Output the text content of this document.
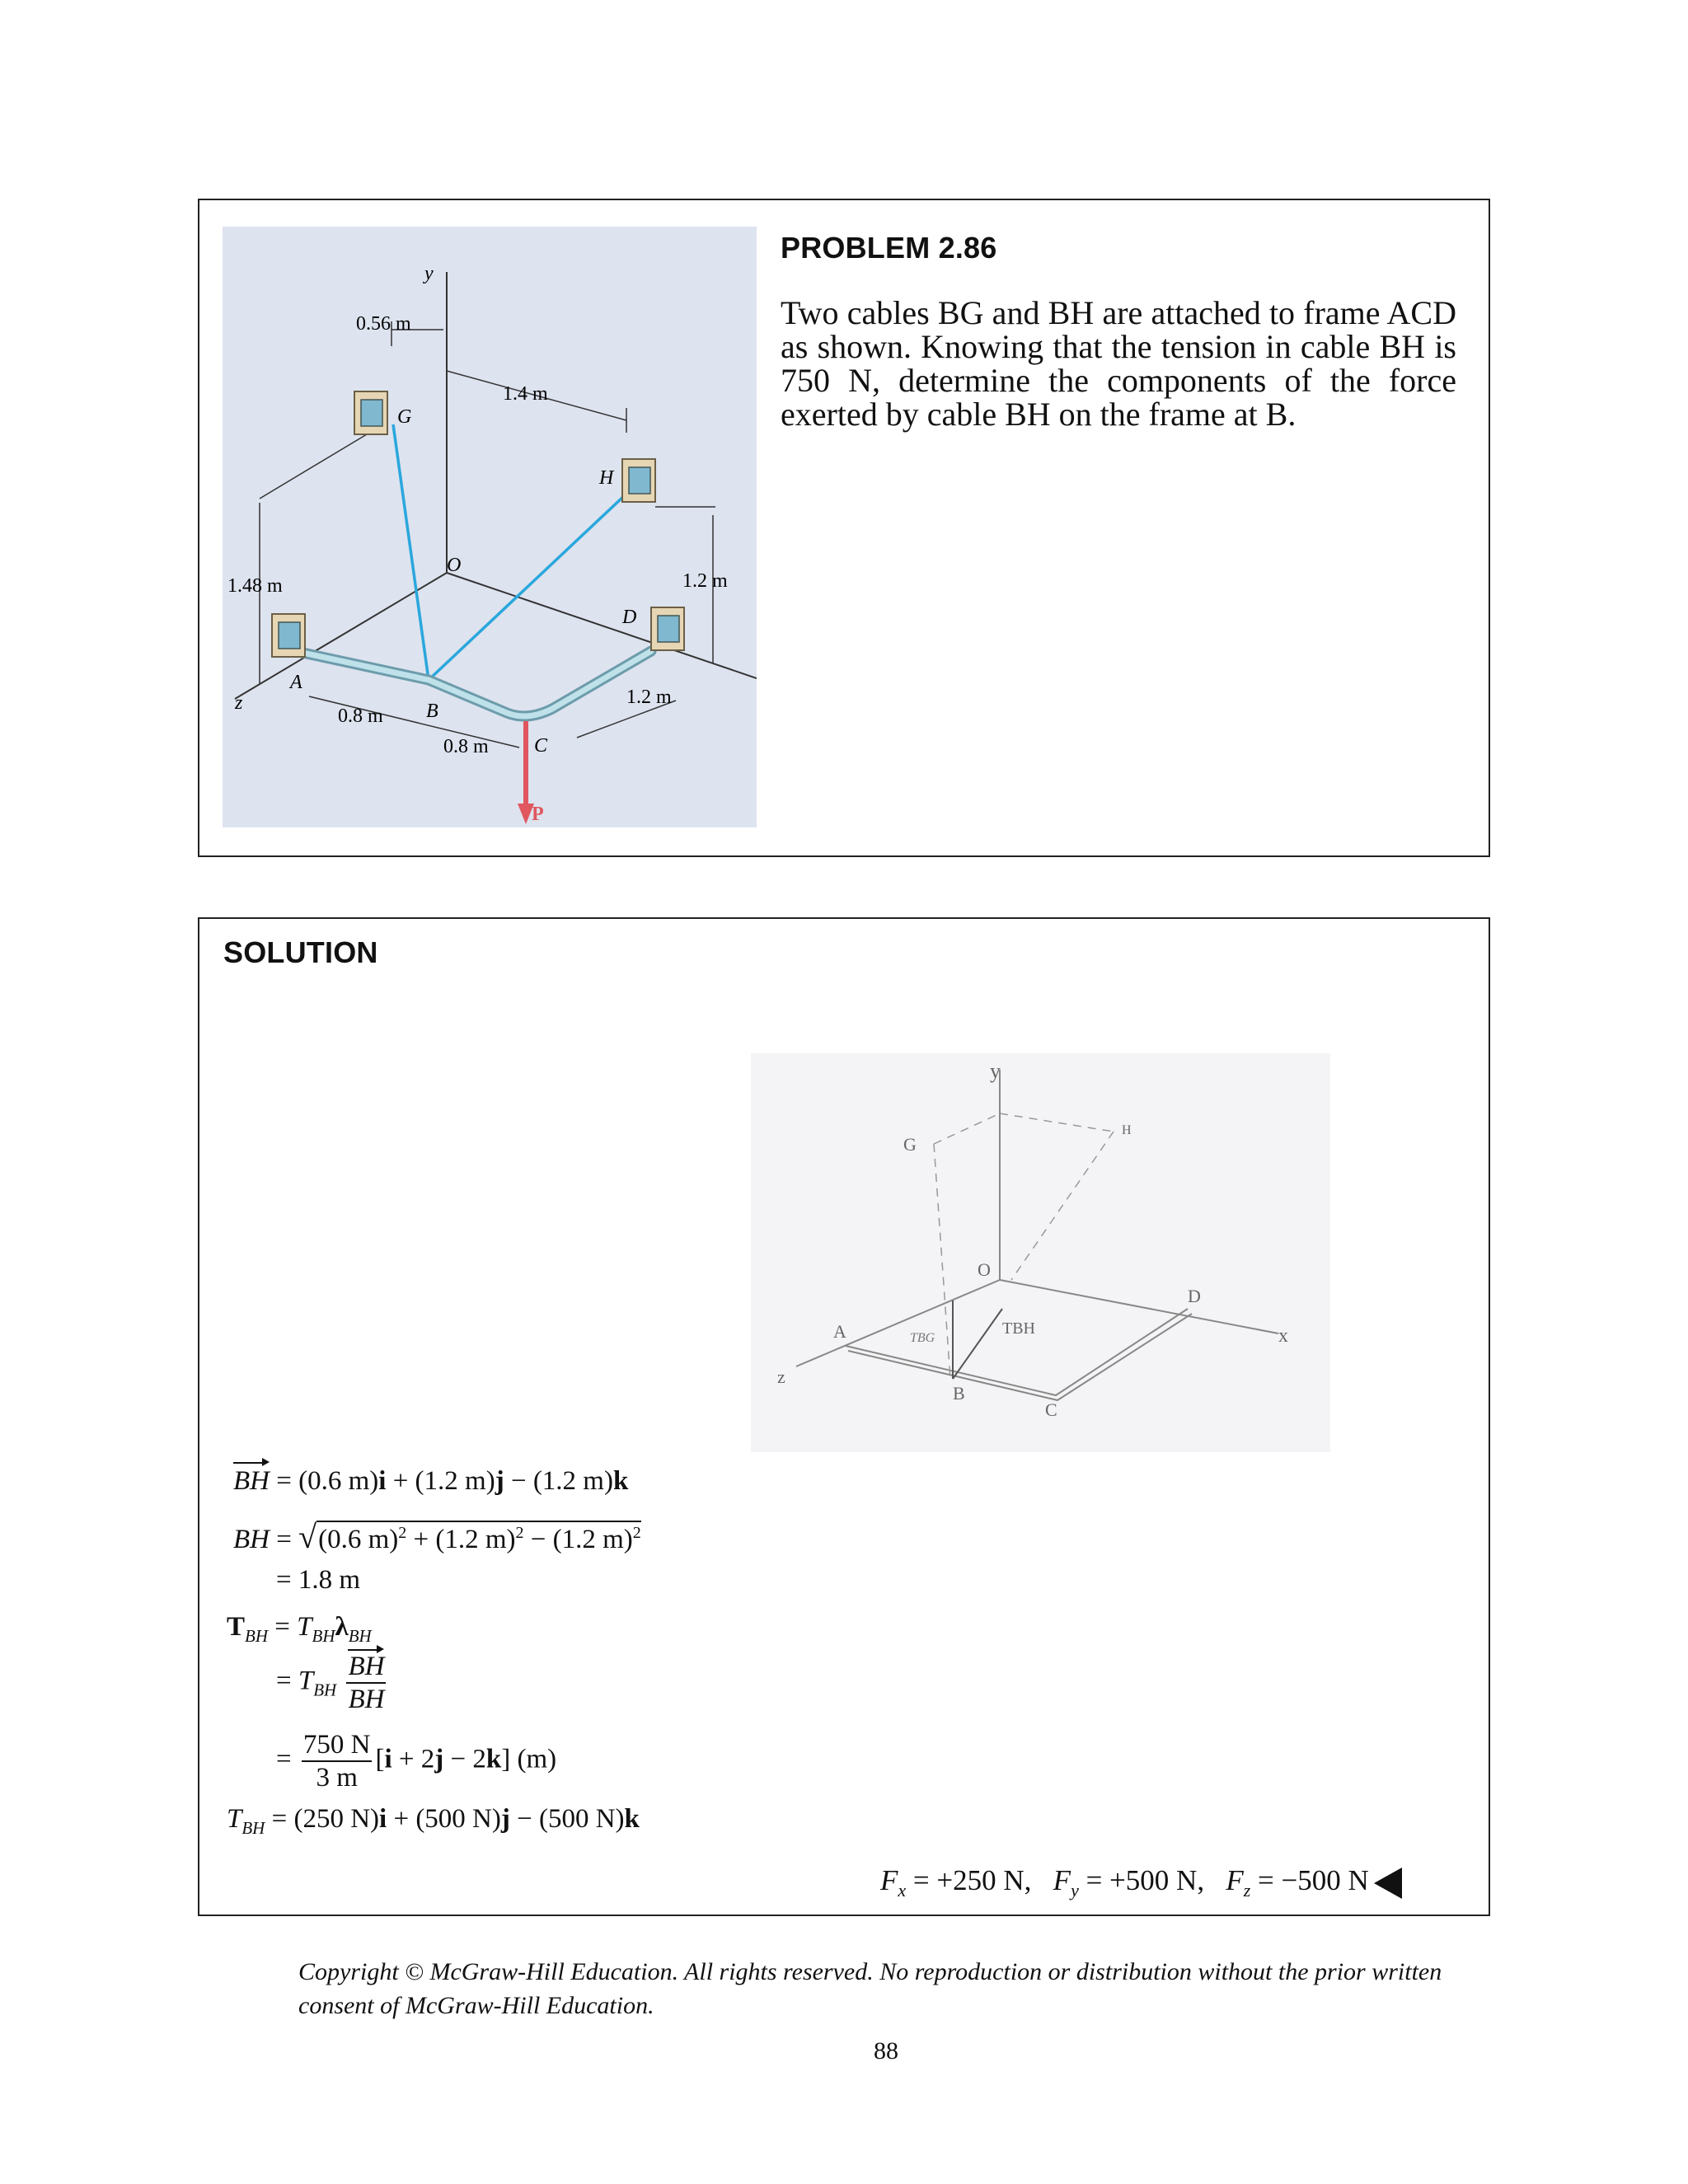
PROBLEM 2.86
Two cables BG and BH are attached to frame ACD as shown. Knowing that the tension in cable BH is 750 N, determine the components of the force exerted by cable BH on the frame at B.
y
z
O
G
H
A
B
C
D
P
0.56 m
1.4 m
1.48 m	1.2 m
1.2 m
0.8 m
0.8 m
SOLUTION
y
G
H
O
D
x
A	TBG
TBH
z
B
C
BH = (0.6 m)i + (1.2 m)j − (1.2 m)k
BH = √(0.6 m)$^2$ + (1.2 m)$^2$ − (1.2 m)$^2$
= 1.8 m
$T_{BH} = T_{BH}\lambda_{BH}$
= $T_{BH} \frac{BH}{BH}$
= $\frac{750 N}{3 m} [i + 2j - 2k]$ (m)
$T_{BH} = (250$ N)i + (500 N)j − (500 N)k
$F_x = +250$ N,   $F_y = +500$ N,   $F_z = -500$ N
Copyright © McGraw-Hill Education. All rights reserved. No reproduction or distribution without the prior written consent of McGraw-Hill Education.
88
